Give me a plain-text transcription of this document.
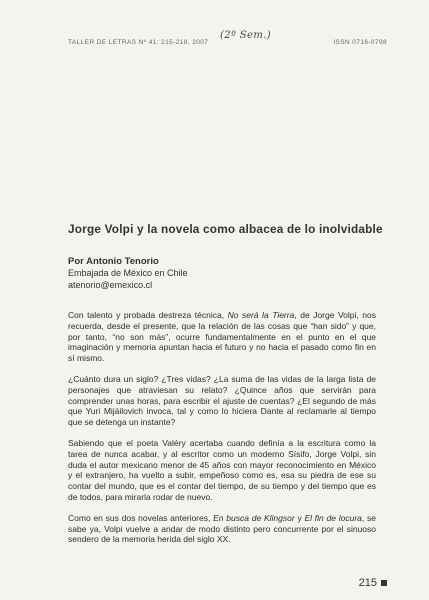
TALLER DE LETRAS Nº 41: 215-218, 2007
(2º Sem.)
ISSN 0716-0798
Jorge Volpi y la novela como albacea de lo inolvidable
Por Antonio Tenorio
Embajada de México en Chile
atenorio@emexico.cl

Con talento y probada destreza técnica, No será la Tierra, de Jorge Volpi, nos recuerda, desde el presente, que la relación de las cosas que “han sido” y que, por tanto, “no son más”, ocurre fundamentalmente en el punto en el que imaginación y memoria apuntan hacia el futuro y no hacia el pasado como fin en sí mismo.

¿Cuánto dura un siglo? ¿Tres vidas? ¿La suma de las vidas de la larga lista de personajes que atraviesan su relato? ¿Quince años que servirán para comprender unas horas, para escribir el ajuste de cuentas? ¿El segundo de más que Yuri Mijáilovich invoca, tal y como lo hiciera Dante al reclamarle al tiempo que se detenga un instante?

Sabiendo que el poeta Valéry acertaba cuando definía a la escritura como la tarea de nunca acabar, y al escritor como un moderno Sísifo, Jorge Volpi, sin duda el autor mexicano menor de 45 años con mayor reconocimiento en México y el extranjero, ha vuelto a subir, empeñoso como es, esa su piedra de ese su contar del mundo, que es el contar del tiempo, de su tiempo y del tiempo que es de todos, para mirarla rodar de nuevo.

Como en sus dos novelas anteriores, En busca de Klingsor y El fin de locura, se sabe ya, Volpi vuelve a andar de modo distinto pero concurrente por el sinuoso sendero de la memoria herida del siglo XX.

215
